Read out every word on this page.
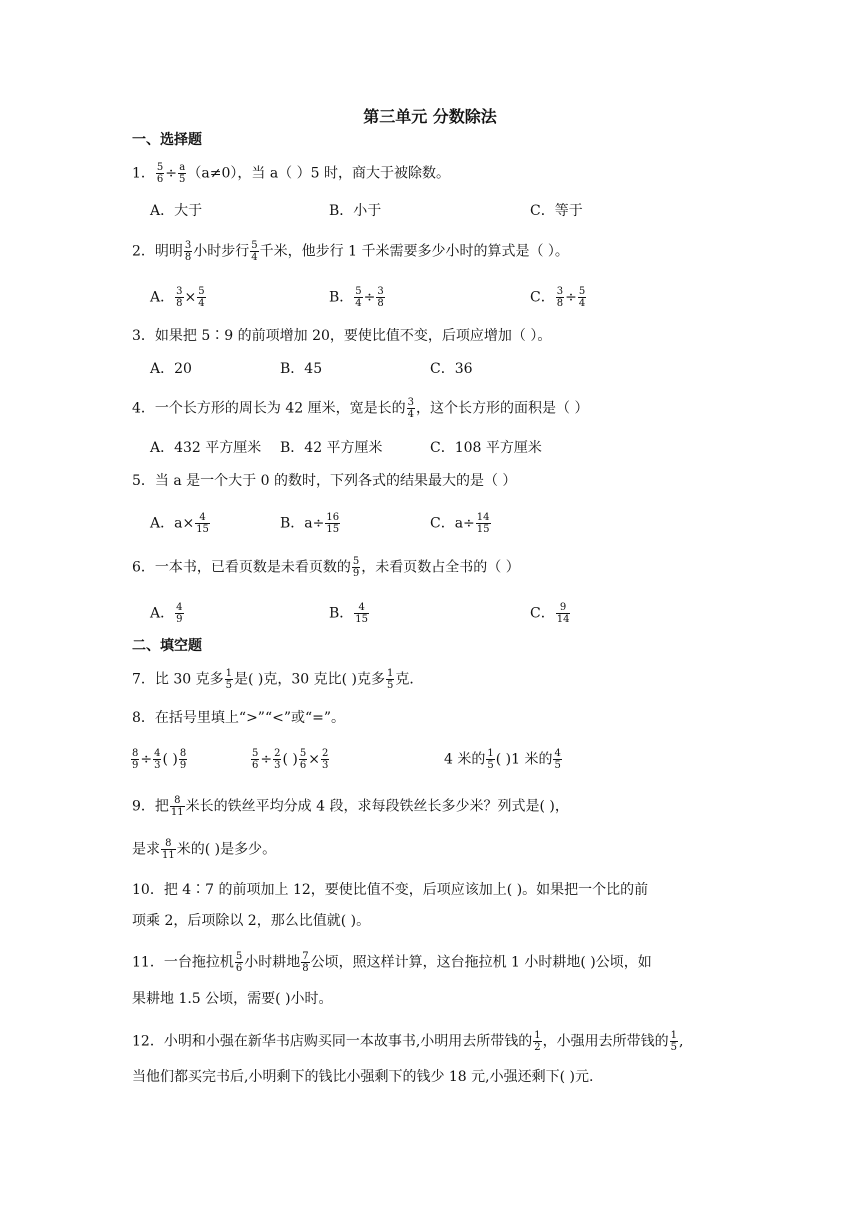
第三单元 分数除法
一、选择题
1． $\frac{5}{6} \div \frac{a}{5} (a\ne 0)$，当 a（ ）5 时，商大于被除数。
A．大于	B．小于	C．等于
2．明明 $\frac{3}{8}$ 小时步行 $\frac{5}{4}$ 千米，他步行 1 千米需要多少小时的算式是（ ）。
A． $\frac{3}{8} \times \frac{5}{4}$	B． $\frac{5}{4} \div \frac{3}{8}$	C． $\frac{3}{8} \div \frac{5}{4}$
3．如果把 5∶9 的前项增加 20，要使比值不变，后项应增加（ ）。
A．20	B．45	C．36
4．一个长方形的周长为 42 厘米，宽是长的 $\frac{3}{4}$ ，这个长方形的面积是（ ）
A．432 平方厘米 B．42 平方厘米	C．108 平方厘米
5．当 a 是一个大于 0 的数时，下列各式的结果最大的是（ ）
A．$a\times \frac{4}{15}$	B．$a\div \frac{16}{15}$	C．$a\div \frac{14}{15}$
6．一本书，已看页数是未看页数的 $\frac{5}{9}$ ，未看页数占全书的（ ）
A． $\frac{4}{9}$	B． $\frac{4}{15}$	C． $\frac{9}{14}$
二、填空题
7．比 30 克多 $\frac{1}{5}$ 是( )克，30 克比( )克多 $\frac{1}{5}$ 克．
8．在括号里填上“>”“<”或“=”。
$\frac{8}{9} \div \frac{4}{3}$ ( ) $\frac{8}{9}$	$\frac{5}{6} \div \frac{2}{3}$ ( ) $\frac{5}{6} \times \frac{2}{3}$	4 米的 $\frac{1}{5}$ ( )1 米的 $\frac{4}{5}$
9．把 $\frac{8}{11}$ 米长的铁丝平均分成 4 段，求每段铁丝长多少米？列式是( )，
是求 $\frac{8}{11}$ 米的( )是多少。
10．把 4∶7 的前项加上 12，要使比值不变，后项应该加上( )。如果把一个比的前
项乘 2，后项除以 2，那么比值就( )。
11．一台拖拉机 $\frac{5}{6}$ 小时耕地 $\frac{7}{8}$ 公顷，照这样计算，这台拖拉机 1 小时耕地( )公顷，如
果耕地 1.5 公顷，需要( )小时。
12．小明和小强在新华书店购买同一本故事书,小明用去所带钱的 $\frac{1}{2}$ ，小强用去所带钱的 $\frac{1}{5}$ ,
当他们都买完书后,小明剩下的钱比小强剩下的钱少 18 元,小强还剩下( )元.
